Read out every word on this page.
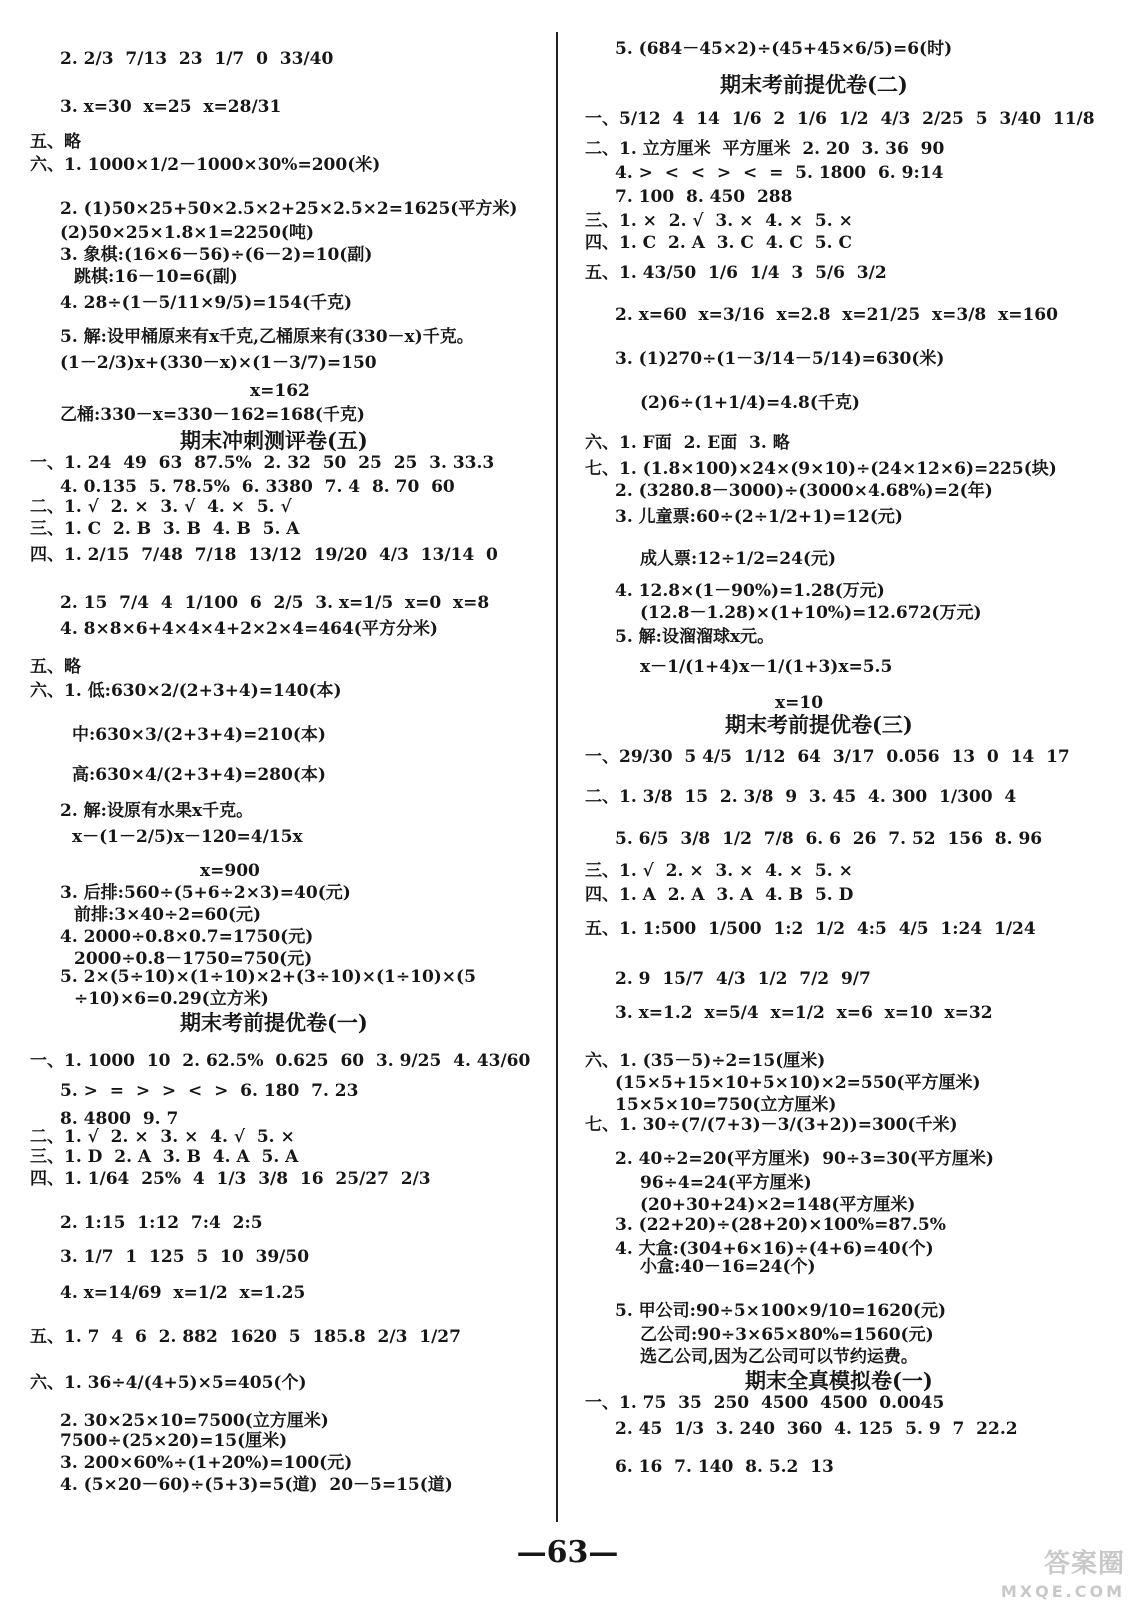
2. 2/3  7/13  23  1/7  0  33/40
3. x=30  x=25  x=28/31
五、略
六、1. 1000×1/2－1000×30%=200(米)
2. (1)50×25+50×2.5×2+25×2.5×2=1625(平方米)
(2)50×25×1.8×1=2250(吨)
3. 象棋:(16×6－56)÷(6－2)=10(副)
跳棋:16－10=6(副)
4. 28÷(1－5/11×9/5)=154(千克)
5. 解:设甲桶原来有x千克,乙桶原来有(330－x)千克。
(1－2/3)x+(330－x)×(1－3/7)=150
x=162
乙桶:330－x=330－162=168(千克)
期末冲刺测评卷(五)
一、1. 24  49  63  87.5%  2. 32  50  25  25  3. 33.3
4. 0.135  5. 78.5%  6. 3380  7. 4  8. 70  60
二、1. √  2. ×  3. √  4. ×  5. √
三、1. C  2. B  3. B  4. B  5. A
四、1. 2/15  7/48  7/18  13/12  19/20  4/3  13/14  0
2. 15  7/4  4  1/100  6  2/5  3. x=1/5  x=0  x=8
4. 8×8×6+4×4×4+2×2×4=464(平方分米)
五、略
六、1. 低:630×2/(2+3+4)=140(本)
中:630×3/(2+3+4)=210(本)
高:630×4/(2+3+4)=280(本)
2. 解:设原有水果x千克。
x－(1－2/5)x－120=4/15x
x=900
3. 后排:560÷(5+6÷2×3)=40(元)
前排:3×40÷2=60(元)
4. 2000÷0.8×0.7=1750(元)
2000÷0.8－1750=750(元)
5. 2×(5÷10)×(1÷10)×2+(3÷10)×(1÷10)×(5
÷10)×6=0.29(立方米)
期末考前提优卷(一)
一、1. 1000  10  2. 62.5%  0.625  60  3. 9/25  4. 43/60
5. >  =  >  >  <  >  6. 180  7. 23
8. 4800  9. 7
二、1. √  2. ×  3. ×  4. √  5. ×
三、1. D  2. A  3. B  4. A  5. A
四、1. 1/64  25%  4  1/3  3/8  16  25/27  2/3
2. 1:15  1:12  7:4  2:5
3. 1/7  1  125  5  10  39/50
4. x=14/69  x=1/2  x=1.25
五、1. 7  4  6  2. 882  1620  5  185.8  2/3  1/27
六、1. 36÷4/(4+5)×5=405(个)
2. 30×25×10=7500(立方厘米)
7500÷(25×20)=15(厘米)
3. 200×60%÷(1+20%)=100(元)
4. (5×20－60)÷(5+3)=5(道)  20－5=15(道)
5. (684－45×2)÷(45+45×6/5)=6(时)
期末考前提优卷(二)
一、5/12  4  14  1/6  2  1/6  1/2  4/3  2/25  5  3/40  11/8
二、1. 立方厘米  平方厘米  2. 20  3. 36  90
4. >  <  <  >  <  =  5. 1800  6. 9:14
7. 100  8. 450  288
三、1. ×  2. √  3. ×  4. ×  5. ×
四、1. C  2. A  3. C  4. C  5. C
五、1. 43/50  1/6  1/4  3  5/6  3/2
2. x=60  x=3/16  x=2.8  x=21/25  x=3/8  x=160
3. (1)270÷(1－3/14－5/14)=630(米)
(2)6÷(1+1/4)=4.8(千克)
六、1. F面  2. E面  3. 略
七、1. (1.8×100)×24×(9×10)÷(24×12×6)=225(块)
2. (3280.8－3000)÷(3000×4.68%)=2(年)
3. 儿童票:60÷(2÷1/2+1)=12(元)
成人票:12÷1/2=24(元)
4. 12.8×(1－90%)=1.28(万元)
(12.8－1.28)×(1+10%)=12.672(万元)
5. 解:设溜溜球x元。
x－1/(1+4)x－1/(1+3)x=5.5
x=10
期末考前提优卷(三)
一、29/30  5 4/5  1/12  64  3/17  0.056  13  0  14  17
二、1. 3/8  15  2. 3/8  9  3. 45  4. 300  1/300  4
5. 6/5  3/8  1/2  7/8  6. 6  26  7. 52  156  8. 96
三、1. √  2. ×  3. ×  4. ×  5. ×
四、1. A  2. A  3. A  4. B  5. D
五、1. 1:500  1/500  1:2  1/2  4:5  4/5  1:24  1/24
2. 9  15/7  4/3  1/2  7/2  9/7
3. x=1.2  x=5/4  x=1/2  x=6  x=10  x=32
六、1. (35－5)÷2=15(厘米)
(15×5+15×10+5×10)×2=550(平方厘米)
15×5×10=750(立方厘米)
七、1. 30÷(7/(7+3)－3/(3+2))=300(千米)
2. 40÷2=20(平方厘米)  90÷3=30(平方厘米)
96÷4=24(平方厘米)
(20+30+24)×2=148(平方厘米)
3. (22+20)÷(28+20)×100%=87.5%
4. 大盒:(304+6×16)÷(4+6)=40(个)
小盒:40－16=24(个)
5. 甲公司:90÷5×100×9/10=1620(元)
乙公司:90÷3×65×80%=1560(元)
选乙公司,因为乙公司可以节约运费。
期末全真模拟卷(一)
一、1. 75  35  250  4500  4500  0.0045
2. 45  1/3  3. 240  360  4. 125  5. 9  7  22.2
6. 16  7. 140  8. 5.2  13
—63—	答案圈
MXQE.COM
